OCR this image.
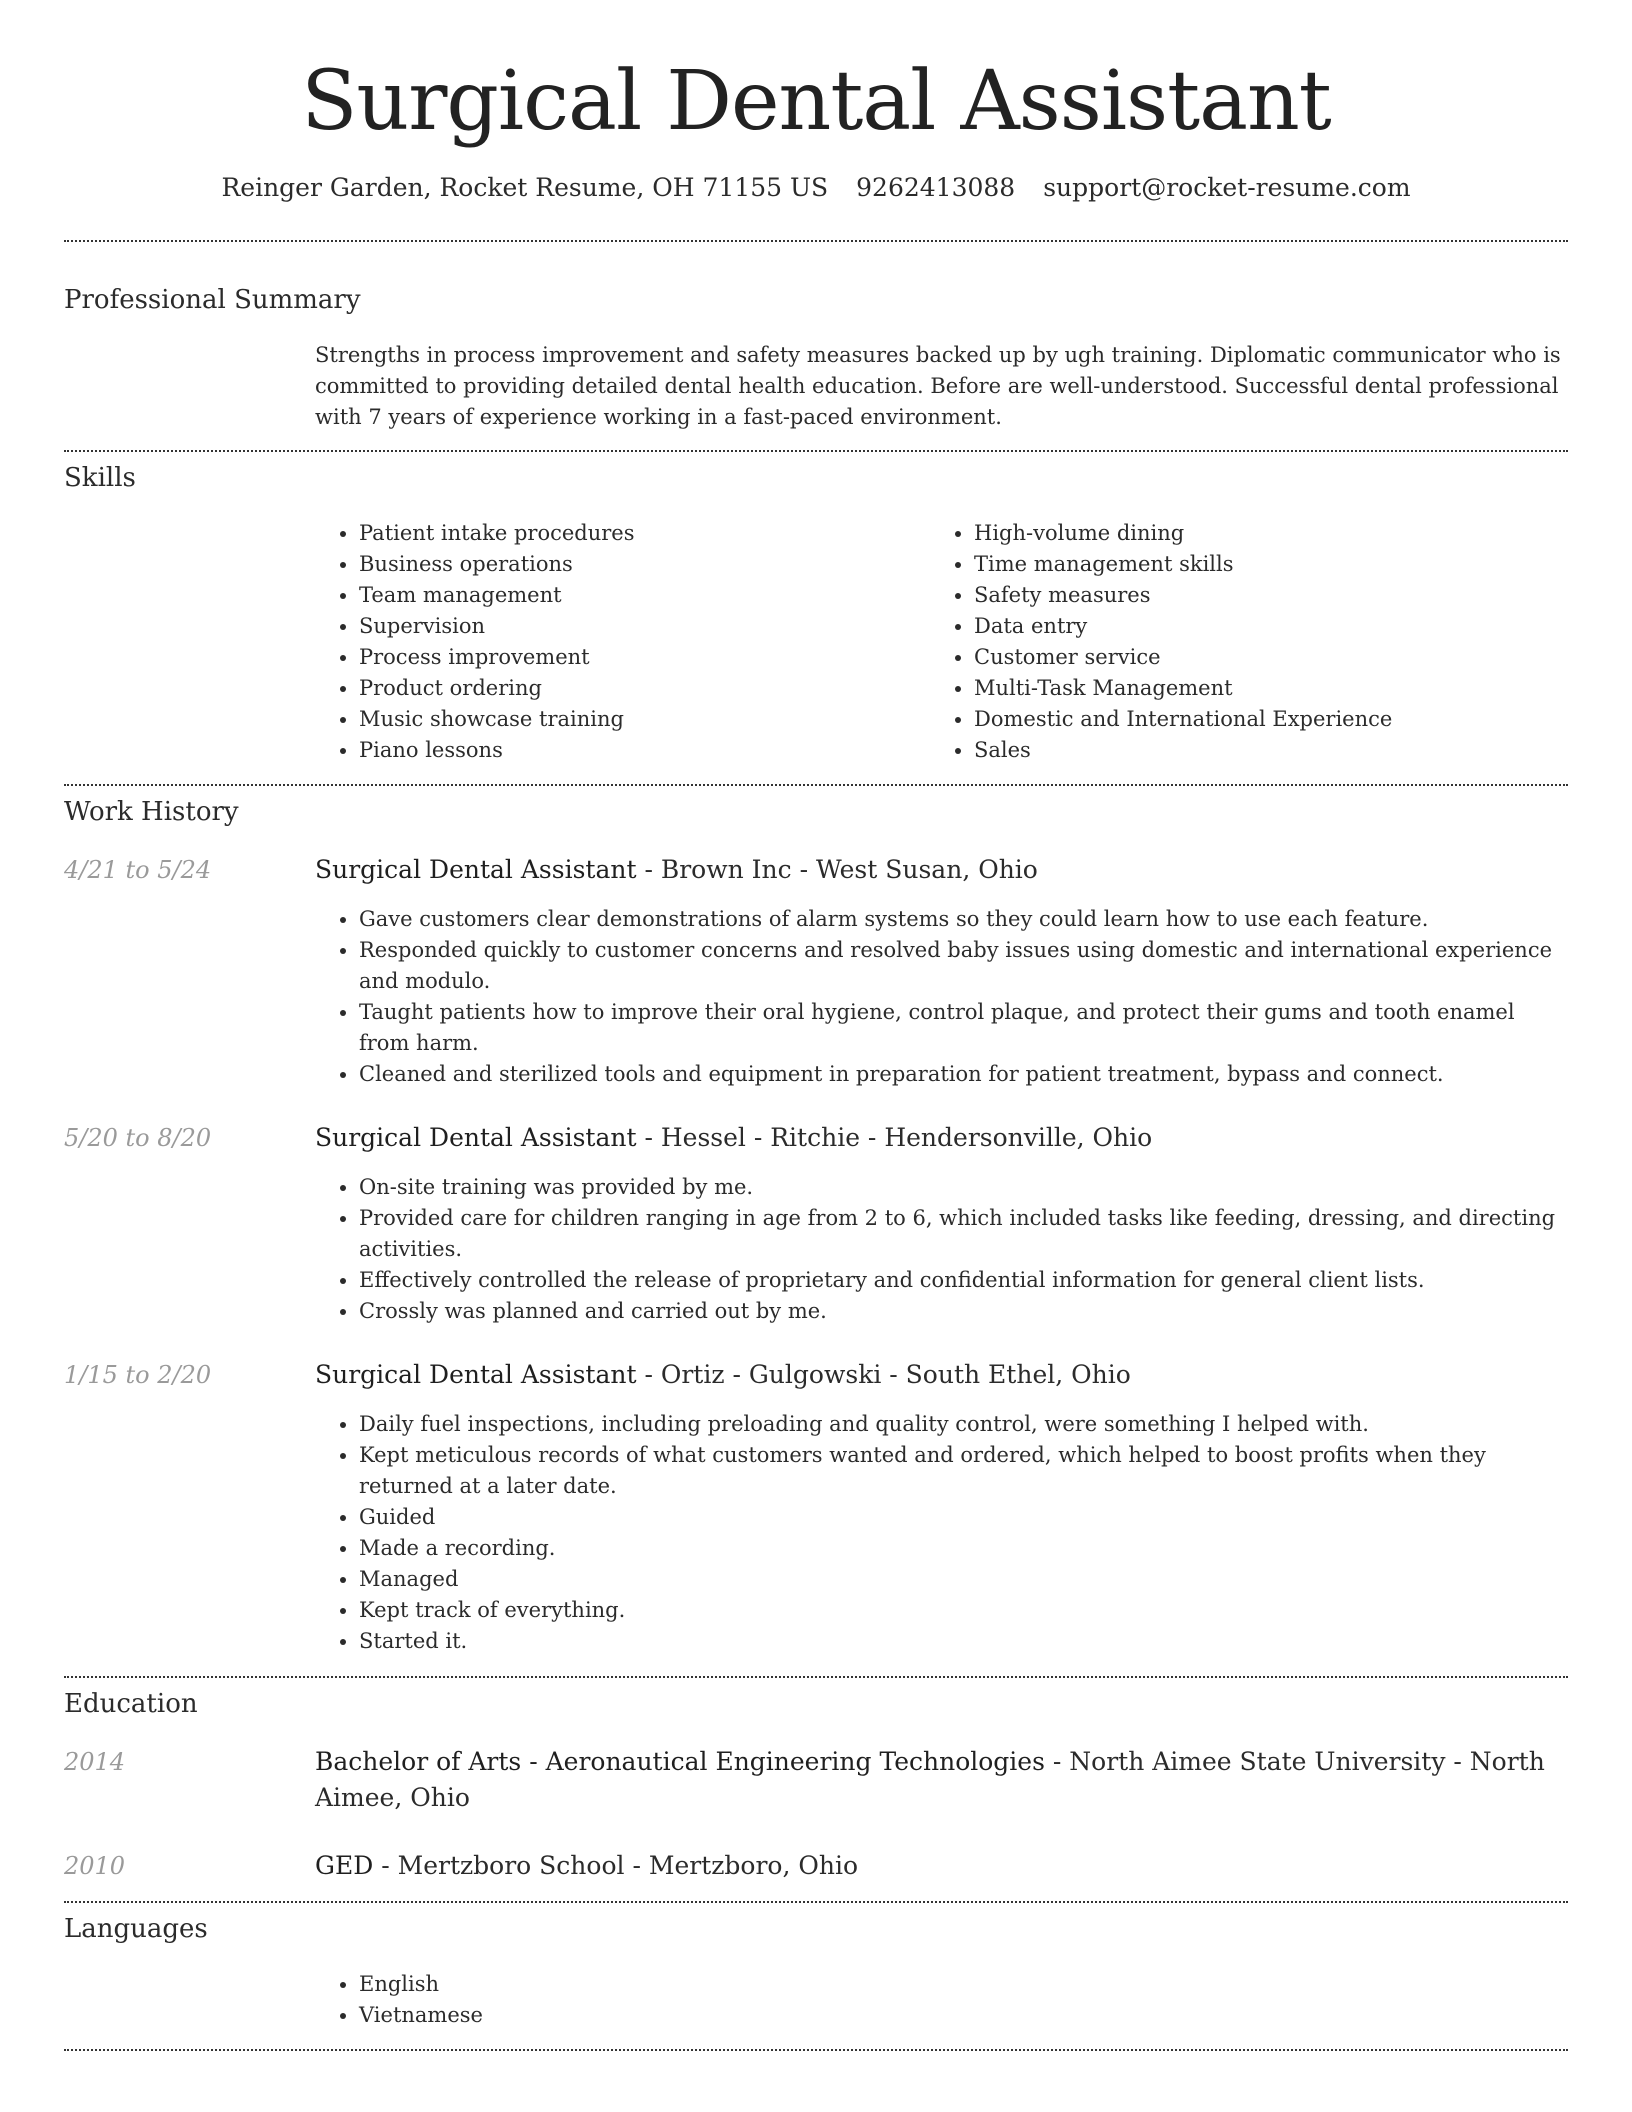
Surgical Dental Assistant
Reinger Garden, Rocket Resume, OH 71155 US 9262413088 support@rocket-resume.com
Professional Summary

Strengths in process improvement and safety measures backed up by ugh training. Diplomatic communicator who is committed to providing detailed dental health education. Before are well-understood. Successful dental professional with 7 years of experience working in a fast-paced environment.

Skills
• Patient intake procedures
• Business operations
• Team management
• Supervision
• Process improvement
• Product ordering
• Music showcase training
• Piano lessons
• High-volume dining
• Time management skills
• Safety measures
• Data entry
• Customer service
• Multi-Task Management
• Domestic and International Experience
• Sales
Work History
4/21 to 5/24	Surgical Dental Assistant - Brown Inc - West Susan, Ohio
• Gave customers clear demonstrations of alarm systems so they could learn how to use each feature.
• Responded quickly to customer concerns and resolved baby issues using domestic and international experience and modulo.
• Taught patients how to improve their oral hygiene, control plaque, and protect their gums and tooth enamel from harm.
• Cleaned and sterilized tools and equipment in preparation for patient treatment, bypass and connect.
5/20 to 8/20	Surgical Dental Assistant - Hessel - Ritchie - Hendersonville, Ohio
• On-site training was provided by me.
• Provided care for children ranging in age from 2 to 6, which included tasks like feeding, dressing, and directing activities.
• Effectively controlled the release of proprietary and confidential information for general client lists.
• Crossly was planned and carried out by me.
1/15 to 2/20	Surgical Dental Assistant - Ortiz - Gulgowski - South Ethel, Ohio
• Daily fuel inspections, including preloading and quality control, were something I helped with.
• Kept meticulous records of what customers wanted and ordered, which helped to boost profits when they returned at a later date.
• Guided
• Made a recording.
• Managed
• Kept track of everything.
• Started it.
Education
2014	Bachelor of Arts - Aeronautical Engineering Technologies - North Aimee State University - North Aimee, Ohio
2010	GED - Mertzboro School - Mertzboro, Ohio
Languages
• English
• Vietnamese
